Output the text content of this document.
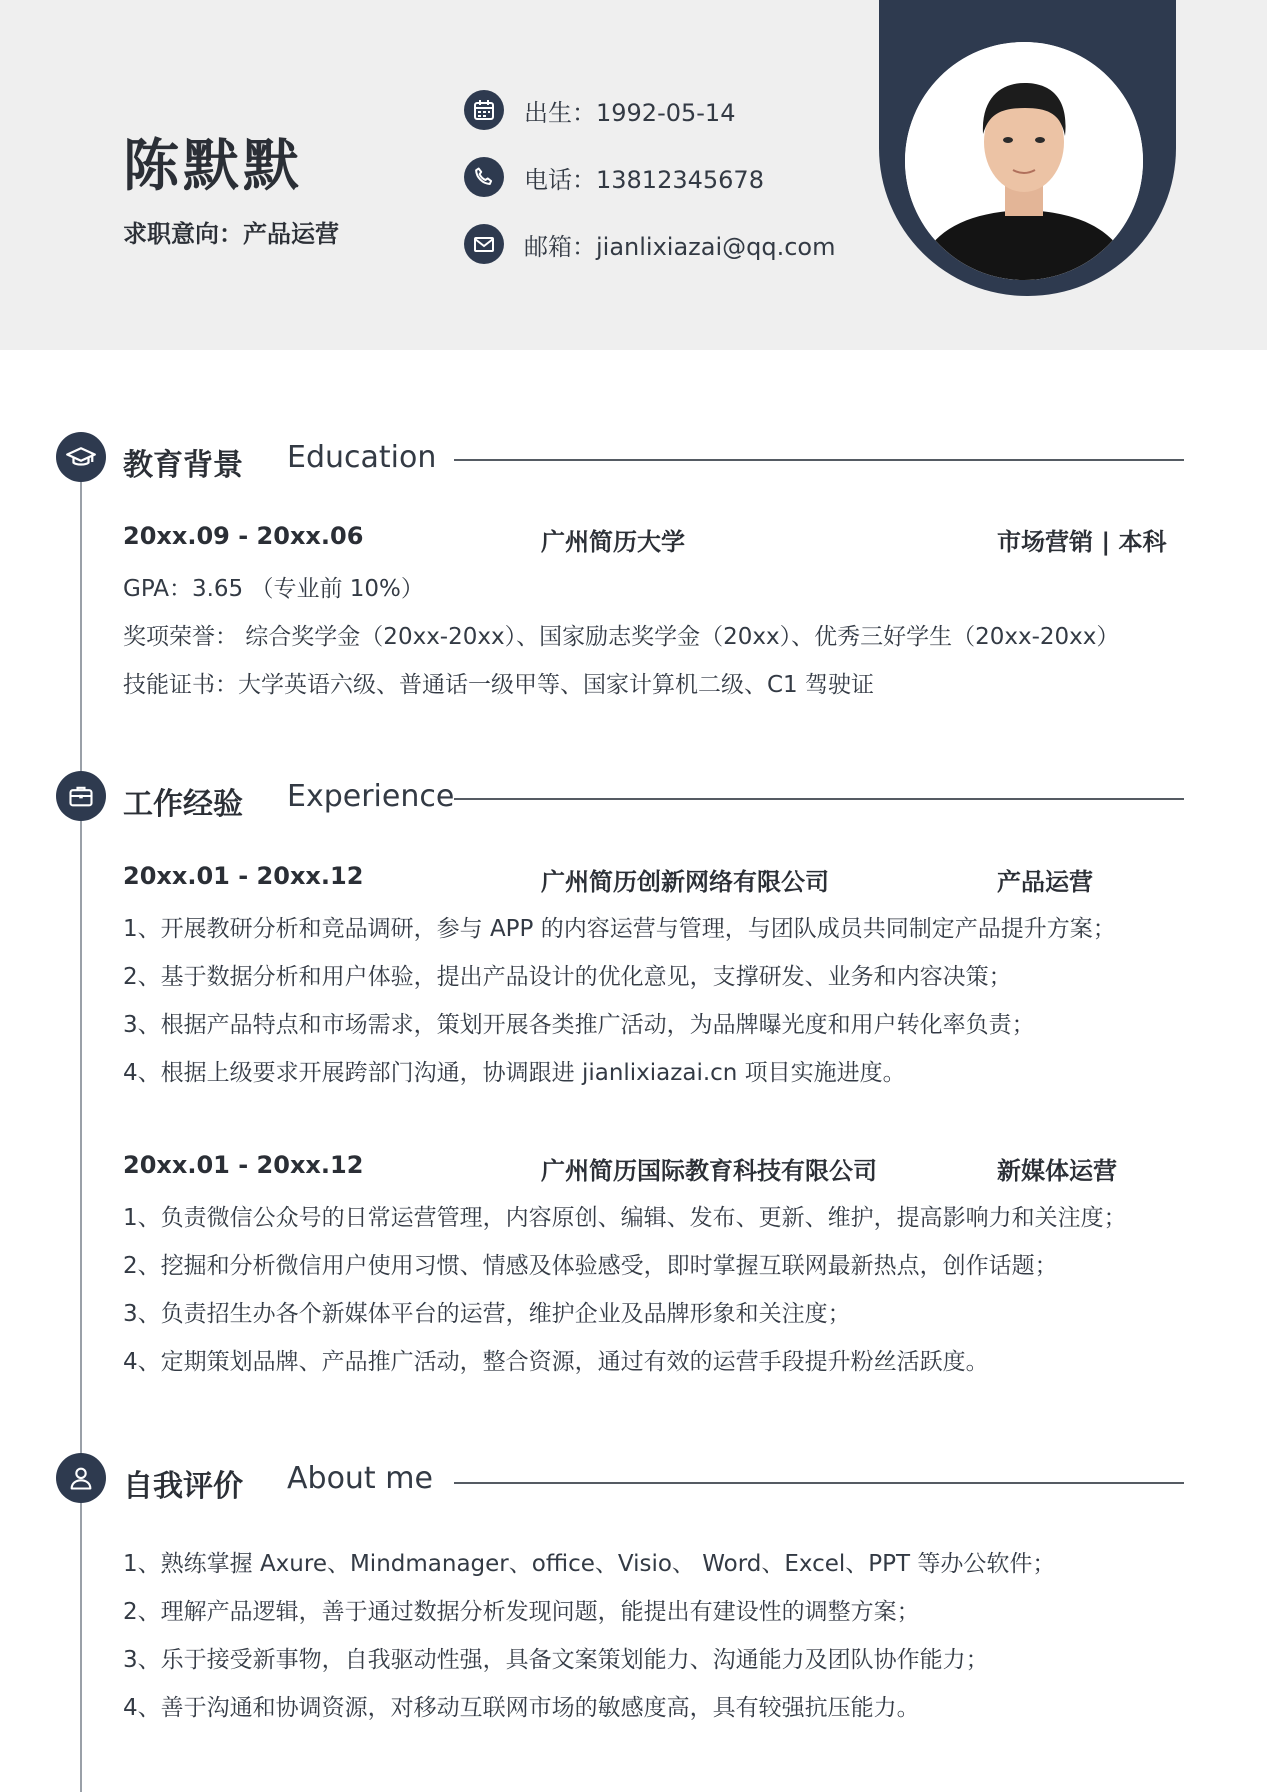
陈默默
求职意向：产品运营
出生：1992-05-14
电话：13812345678
邮箱：jianlixiazai@qq.com
教育背景 Education
20xx.09 - 20xx.06	广州简历大学	市场营销 | 本科
GPA：3.65 （专业前 10%）
奖项荣誉： 综合奖学金（20xx-20xx）、国家励志奖学金（20xx）、优秀三好学生（20xx-20xx）
技能证书：大学英语六级、普通话一级甲等、国家计算机二级、C1 驾驶证
工作经验 Experience
20xx.01 - 20xx.12	广州简历创新网络有限公司	产品运营
1、开展教研分析和竞品调研，参与 APP 的内容运营与管理，与团队成员共同制定产品提升方案；
2、基于数据分析和用户体验，提出产品设计的优化意见，支撑研发、业务和内容决策；
3、根据产品特点和市场需求，策划开展各类推广活动，为品牌曝光度和用户转化率负责；
4、根据上级要求开展跨部门沟通，协调跟进 jianlixiazai.cn 项目实施进度。
20xx.01 - 20xx.12	广州简历国际教育科技有限公司	新媒体运营
1、负责微信公众号的日常运营管理，内容原创、编辑、发布、更新、维护，提高影响力和关注度；
2、挖掘和分析微信用户使用习惯、情感及体验感受，即时掌握互联网最新热点，创作话题；
3、负责招生办各个新媒体平台的运营，维护企业及品牌形象和关注度；
4、定期策划品牌、产品推广活动，整合资源，通过有效的运营手段提升粉丝活跃度。
自我评价 About me
1、熟练掌握 Axure、Mindmanager、office、Visio、 Word、Excel、PPT 等办公软件；
2、理解产品逻辑，善于通过数据分析发现问题，能提出有建设性的调整方案；
3、乐于接受新事物，自我驱动性强，具备文案策划能力、沟通能力及团队协作能力；
4、善于沟通和协调资源，对移动互联网市场的敏感度高，具有较强抗压能力。
